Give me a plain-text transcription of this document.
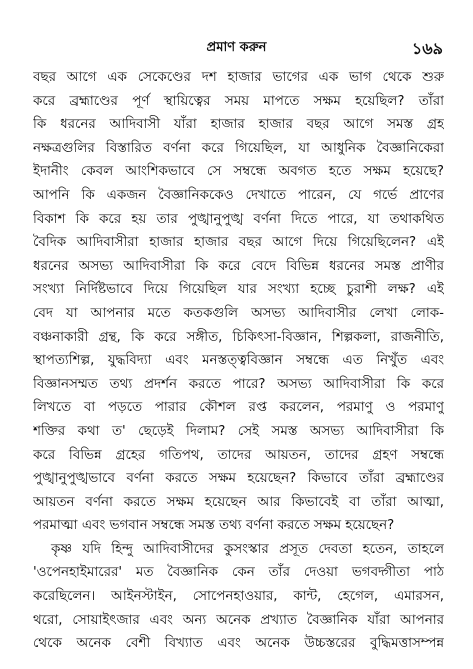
প্রমাণ করুন	১৬৯
বছর আগে এক সেকেণ্ডের দশ হাজার ভাগের এক ভাগ থেকে শুরু
করে ব্রহ্মাণ্ডের পূর্ণ স্থায়িত্বের সময় মাপতে সক্ষম হয়েছিল? তাঁরা
কি ধরনের আদিবাসী যাঁরা হাজার হাজার বছর আগে সমস্ত গ্রহ
নক্ষত্রগুলির বিস্তারিত বর্ণনা করে গিয়েছিল, যা আধুনিক বৈজ্ঞানিকেরা
ইদানীং কেবল আংশিকভাবে সে সম্বন্ধে অবগত হতে সক্ষম হয়েছে?
আপনি কি একজন বৈজ্ঞানিককেও দেখাতে পারেন, যে গর্ভে প্রাণের
বিকাশ কি করে হয় তার পুঙ্খানুপুঙ্খ বর্ণনা দিতে পারে, যা তথাকথিত
বৈদিক আদিবাসীরা হাজার হাজার বছর আগে দিয়ে গিয়েছিলেন? এই
ধরনের অসভ্য আদিবাসীরা কি করে বেদে বিভিন্ন ধরনের সমস্ত প্রাণীর
সংখ্যা নির্দিষ্টভাবে দিয়ে গিয়েছিল যার সংখ্যা হচ্ছে চুরাশী লক্ষ? এই
বেদ যা আপনার মতে কতকগুলি অসভ্য আদিবাসীর লেখা লোক-
বঞ্চনাকারী গ্রন্থ, কি করে সঙ্গীত, চিকিৎসা-বিজ্ঞান, শিল্পকলা, রাজনীতি,
স্থাপত্যশিল্প, যুদ্ধবিদ্যা এবং মনস্তত্ত্ববিজ্ঞান সম্বন্ধে এত নিখুঁত এবং
বিজ্ঞানসম্মত তথ্য প্রদর্শন করতে পারে? অসভ্য আদিবাসীরা কি করে
লিখতে বা পড়তে পারার কৌশল রপ্ত করলেন, পরমাণু ও পরমাণু
শক্তির কথা ত' ছেড়েই দিলাম? সেই সমস্ত অসভ্য আদিবাসীরা কি
করে বিভিন্ন গ্রহের গতিপথ, তাদের আয়তন, তাদের গ্রহণ সম্বন্ধে
পুঙ্খানুপুঙ্খভাবে বর্ণনা করতে সক্ষম হয়েছেন? কিভাবে তাঁরা ব্রহ্মাণ্ডের
আয়তন বর্ণনা করতে সক্ষম হয়েছেন আর কিভাবেই বা তাঁরা আত্মা,
পরমাত্মা এবং ভগবান সম্বন্ধে সমস্ত তথ্য বর্ণনা করতে সক্ষম হয়েছেন?
কৃষ্ণ যদি হিন্দু আদিবাসীদের কুসংস্কার প্রসূত দেবতা হতেন, তাহলে
'ওপেনহাইমারের' মত বৈজ্ঞানিক কেন তাঁর দেওয়া ভগবদ্গীতা পাঠ
করেছিলেন। আইনস্টাইন, সোপেনহাওয়ার, কান্ট, হেগেল, এমারসন,
থরো, সোয়াইৎজার এবং অন্য অনেক প্রখ্যাত বৈজ্ঞানিক যাঁরা আপনার
থেকে অনেক বেশী বিখ্যাত এবং অনেক উচ্চস্তরের বুদ্ধিমত্তাসম্পন্ন
